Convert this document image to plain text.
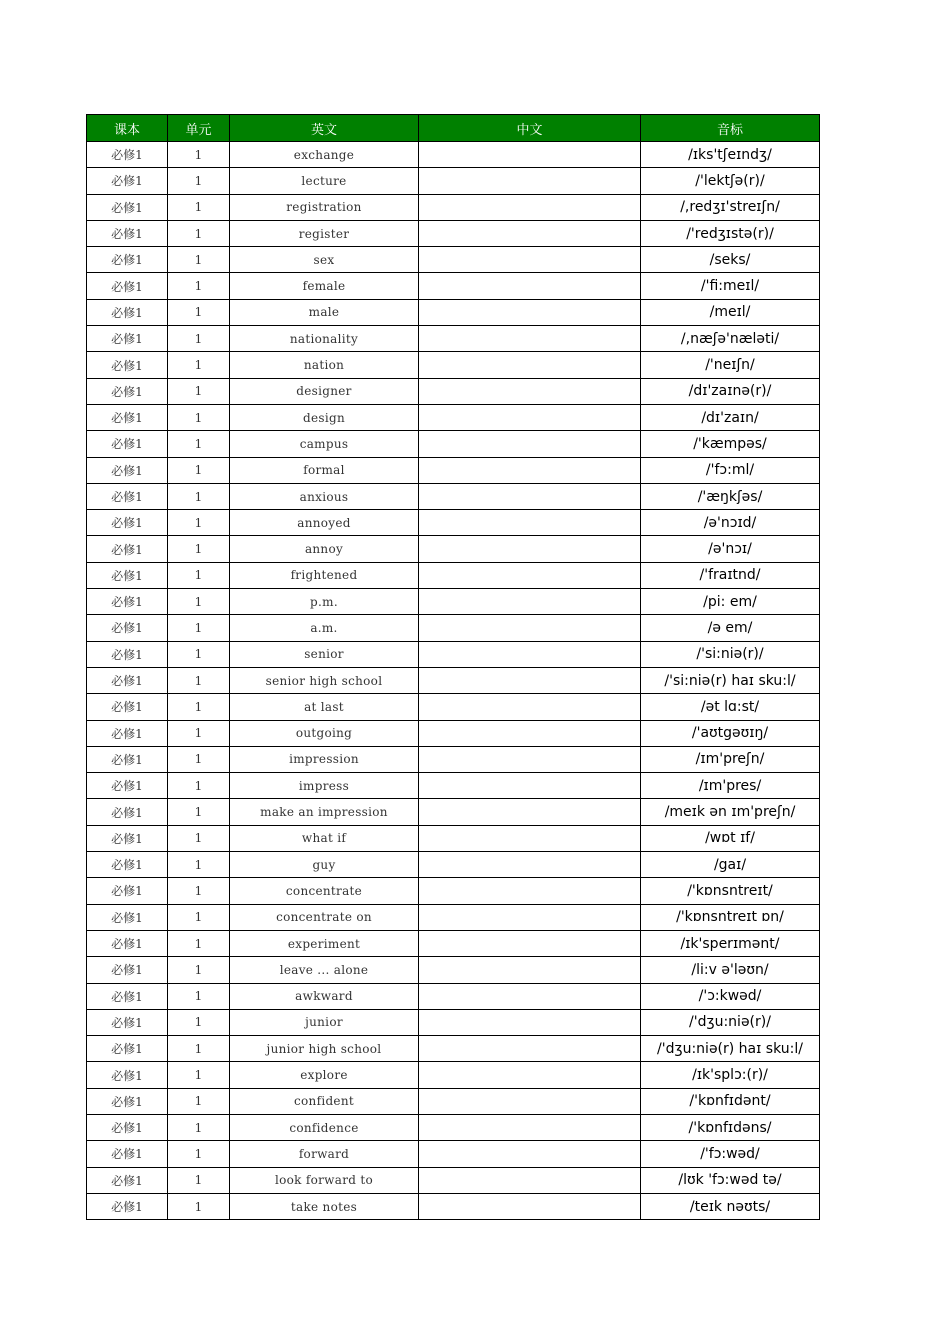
课本	单元	英文	中文	音标
必修1	1	exchange		/ɪks'tʃeɪndʒ/
必修1	1	lecture		/'lektʃə(r)/
必修1	1	registration		/,redʒɪ'streɪʃn/
必修1	1	register		/'redʒɪstə(r)/
必修1	1	sex		/seks/
必修1	1	female		/'fi:meɪl/
必修1	1	male		/meɪl/
必修1	1	nationality		/,næʃə'næləti/
必修1	1	nation		/'neɪʃn/
必修1	1	designer		/dɪ'zaɪnə(r)/
必修1	1	design		/dɪ'zaɪn/
必修1	1	campus		/'kæmpəs/
必修1	1	formal		/'fɔ:ml/
必修1	1	anxious		/'æŋkʃəs/
必修1	1	annoyed		/ə'nɔɪd/
必修1	1	annoy		/ə'nɔɪ/
必修1	1	frightened		/'fraɪtnd/
必修1	1	p.m.		/pi: em/
必修1	1	a.m.		/ə em/
必修1	1	senior		/'si:niə(r)/
必修1	1	senior high school		/'si:niə(r) haɪ sku:l/
必修1	1	at last		/ət lɑ:st/
必修1	1	outgoing		/'aʊtgəʊɪŋ/
必修1	1	impression		/ɪm'preʃn/
必修1	1	impress		/ɪm'pres/
必修1	1	make an impression		/meɪk ən ɪm'preʃn/
必修1	1	what if		/wɒt ɪf/
必修1	1	guy		/gaɪ/
必修1	1	concentrate		/'kɒnsntreɪt/
必修1	1	concentrate on		/'kɒnsntreɪt ɒn/
必修1	1	experiment		/ɪk'sperɪmənt/
必修1	1	leave ... alone		/li:v ə'ləʊn/
必修1	1	awkward		/'ɔ:kwəd/
必修1	1	junior		/'dʒu:niə(r)/
必修1	1	junior high school		/'dʒu:niə(r) haɪ sku:l/
必修1	1	explore		/ɪk'splɔ:(r)/
必修1	1	confident		/'kɒnfɪdənt/
必修1	1	confidence		/'kɒnfɪdəns/
必修1	1	forward		/'fɔ:wəd/
必修1	1	look forward to		/lʊk 'fɔ:wəd tə/
必修1	1	take notes		/teɪk nəʊts/
